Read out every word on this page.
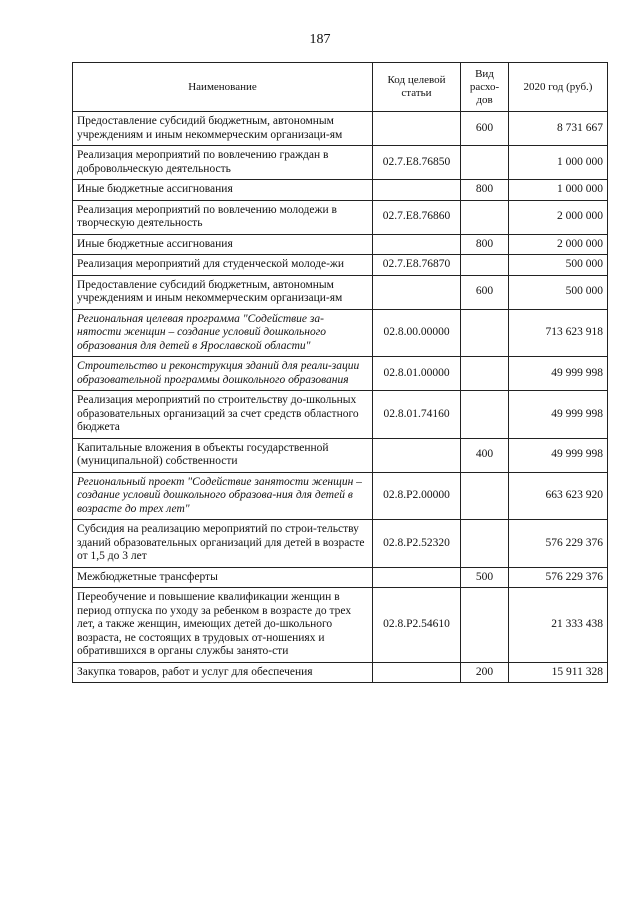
187
Наименование	Код целевой статьи	Вид расхо-дов	2020 год (руб.)
Предоставление субсидий бюджетным, автономным учреждениям и иным некоммерческим организаци-ям		600	8 731 667
Реализация мероприятий по вовлечению граждан в добровольческую деятельность	02.7.E8.76850		1 000 000
Иные бюджетные ассигнования		800	1 000 000
Реализация мероприятий по вовлечению молодежи в творческую деятельность	02.7.E8.76860		2 000 000
Иные бюджетные ассигнования		800	2 000 000
Реализация мероприятий для студенческой молоде-жи	02.7.E8.76870		500 000
Предоставление субсидий бюджетным, автономным учреждениям и иным некоммерческим организаци-ям		600	500 000
Региональная целевая программа "Содействие за-нятости женщин – создание условий дошкольного образования для детей в Ярославской области"	02.8.00.00000		713 623 918
Строительство и реконструкция зданий для реали-зации образовательной программы дошкольного образования	02.8.01.00000		49 999 998
Реализация мероприятий по строительству до-школьных образовательных организаций за счет средств областного бюджета	02.8.01.74160		49 999 998
Капитальные вложения в объекты государственной (муниципальной) собственности		400	49 999 998
Региональный проект "Содействие занятости женщин – создание условий дошкольного образова-ния для детей в возрасте до трех лет"	02.8.P2.00000		663 623 920
Субсидия на реализацию мероприятий по строи-тельству зданий образовательных организаций для детей в возрасте от 1,5 до 3 лет	02.8.P2.52320		576 229 376
Межбюджетные трансферты		500	576 229 376
Переобучение и повышение квалификации женщин в период отпуска по уходу за ребенком в возрасте до трех лет, а также женщин, имеющих детей до-школьного возраста, не состоящих в трудовых от-ношениях и обратившихся в органы службы занято-сти	02.8.P2.54610		21 333 438
Закупка товаров, работ и услуг для обеспечения		200	15 911 328
